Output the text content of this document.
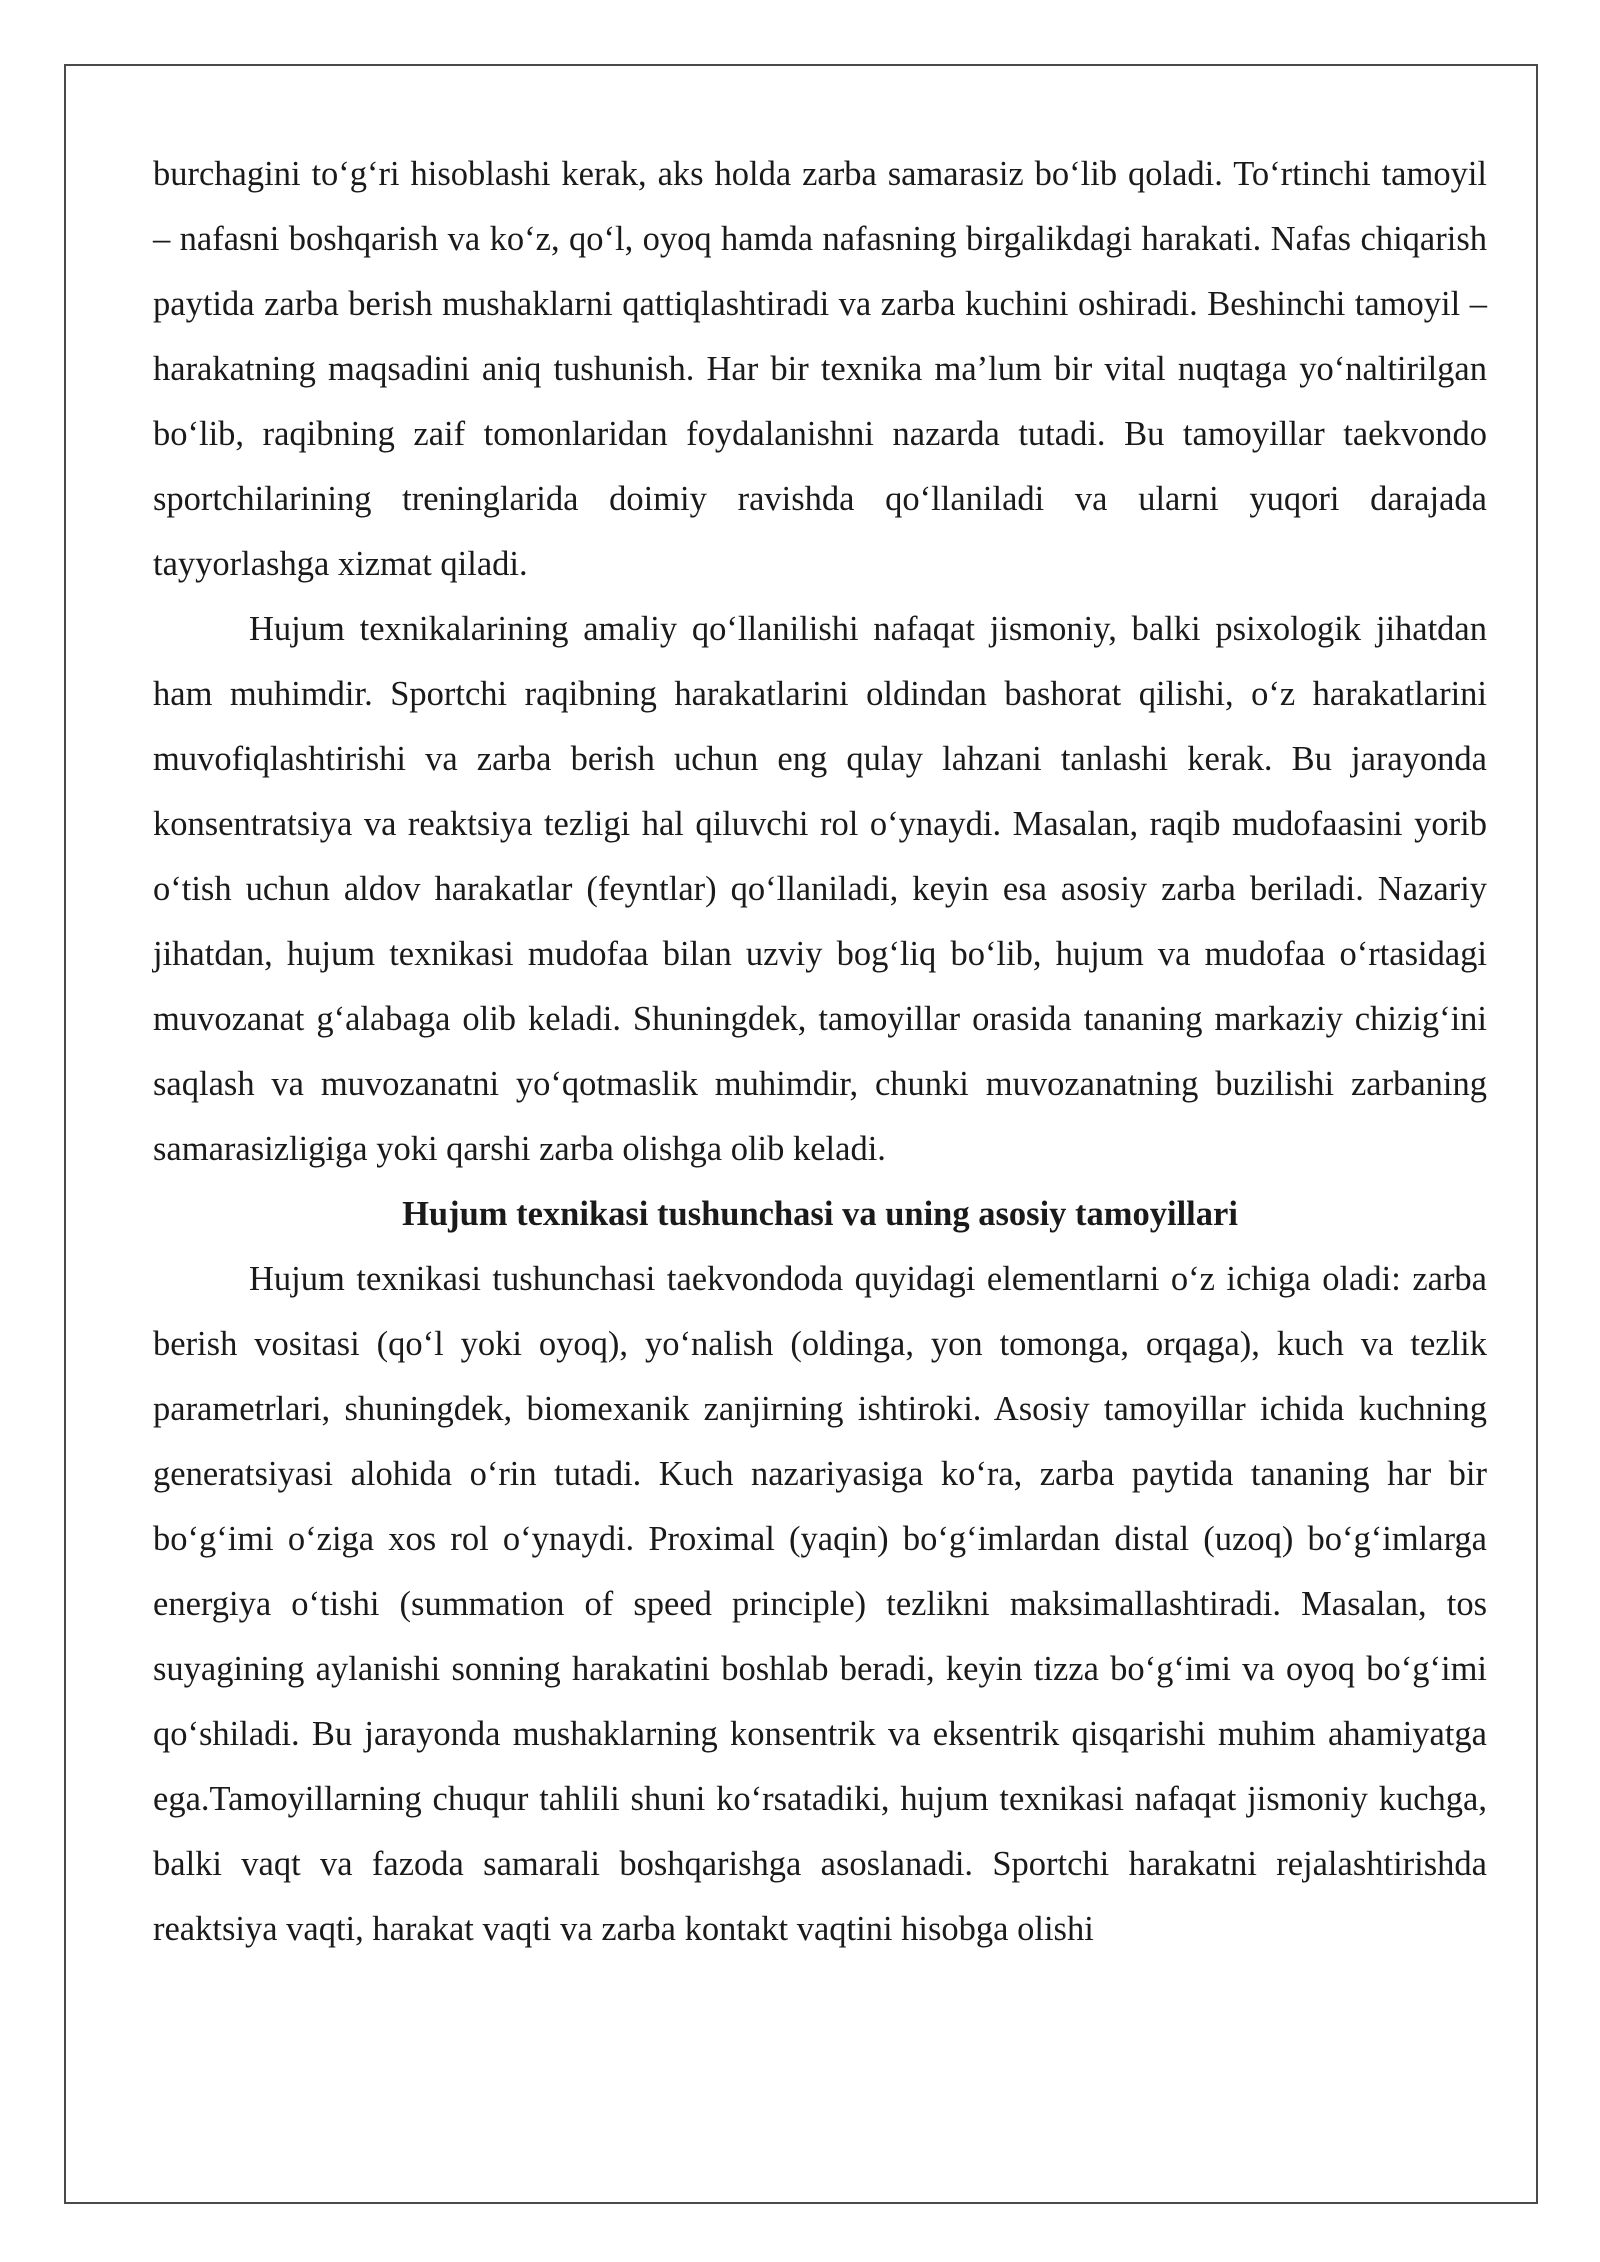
burchagini to‘g‘ri hisoblashi kerak, aks holda zarba samarasiz bo‘lib qoladi. To‘rtinchi tamoyil – nafasni boshqarish va ko‘z, qo‘l, oyoq hamda nafasning birgalikdagi harakati. Nafas chiqarish paytida zarba berish mushaklarni qattiqlashtiradi va zarba kuchini oshiradi. Beshinchi tamoyil – harakatning maqsadini aniq tushunish. Har bir texnika ma’lum bir vital nuqtaga yo‘naltirilgan bo‘lib, raqibning zaif tomonlaridan foydalanishni nazarda tutadi. Bu tamoyillar taekvondo sportchilarining treninglarida doimiy ravishda qo‘llaniladi va ularni yuqori darajada tayyorlashga xizmat qiladi.

Hujum texnikalarining amaliy qo‘llanilishi nafaqat jismoniy, balki psixologik jihatdan ham muhimdir. Sportchi raqibning harakatlarini oldindan bashorat qilishi, o‘z harakatlarini muvofiqlashtirishi va zarba berish uchun eng qulay lahzani tanlashi kerak. Bu jarayonda konsentratsiya va reaktsiya tezligi hal qiluvchi rol o‘ynaydi. Masalan, raqib mudofaasini yorib o‘tish uchun aldov harakatlar (feyntlar) qo‘llaniladi, keyin esa asosiy zarba beriladi. Nazariy jihatdan, hujum texnikasi mudofaa bilan uzviy bog‘liq bo‘lib, hujum va mudofaa o‘rtasidagi muvozanat g‘alabaga olib keladi. Shuningdek, tamoyillar orasida tananing markaziy chizig‘ini saqlash va muvozanatni yo‘qotmaslik muhimdir, chunki muvozanatning buzilishi zarbaning samarasizligiga yoki qarshi zarba olishga olib keladi.

Hujum texnikasi tushunchasi va uning asosiy tamoyillari

Hujum texnikasi tushunchasi taekvondoda quyidagi elementlarni o‘z ichiga oladi: zarba berish vositasi (qo‘l yoki oyoq), yo‘nalish (oldinga, yon tomonga, orqaga), kuch va tezlik parametrlari, shuningdek, biomexanik zanjirning ishtiroki. Asosiy tamoyillar ichida kuchning generatsiyasi alohida o‘rin tutadi. Kuch nazariyasiga ko‘ra, zarba paytida tananing har bir bo‘g‘imi o‘ziga xos rol o‘ynaydi. Proximal (yaqin) bo‘g‘imlardan distal (uzoq) bo‘g‘imlarga energiya o‘tishi (summation of speed principle) tezlikni maksimallashtiradi. Masalan, tos suyagining aylanishi sonning harakatini boshlab beradi, keyin tizza bo‘g‘imi va oyoq bo‘g‘imi qo‘shiladi. Bu jarayonda mushaklarning konsentrik va eksentrik qisqarishi muhim ahamiyatga ega.Tamoyillarning chuqur tahlili shuni ko‘rsatadiki, hujum texnikasi nafaqat jismoniy kuchga, balki vaqt va fazoda samarali boshqarishga asoslanadi. Sportchi harakatni rejalashtirishda reaktsiya vaqti, harakat vaqti va zarba kontakt vaqtini hisobga olishi
